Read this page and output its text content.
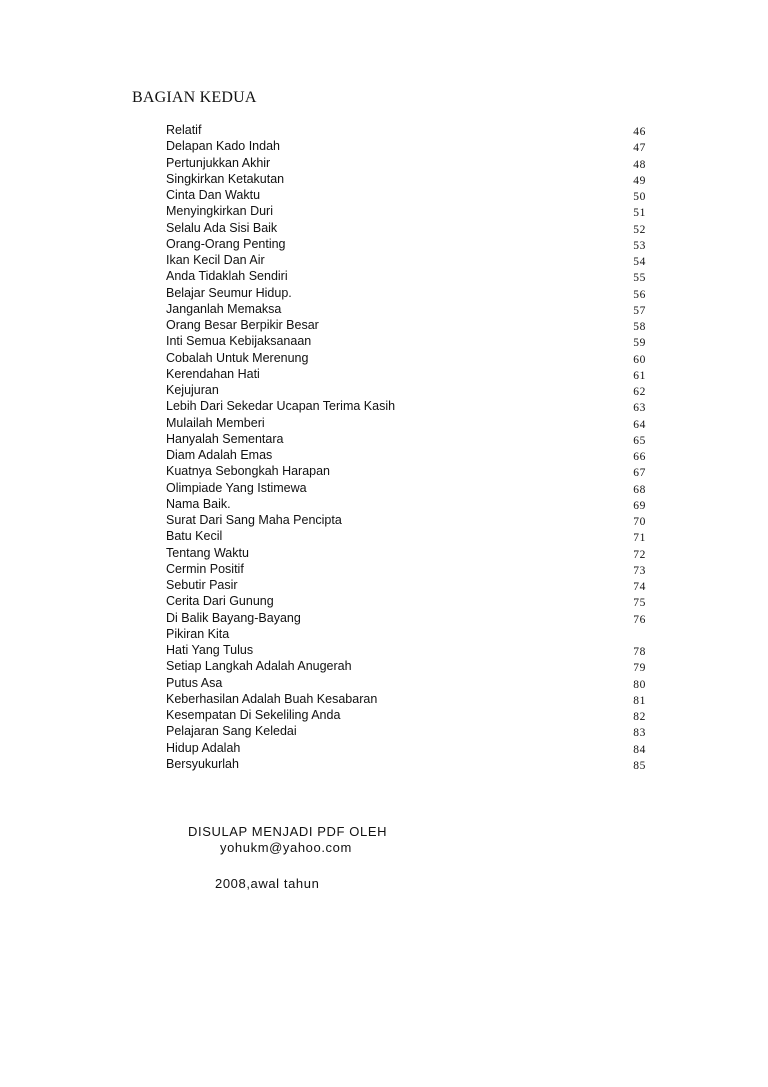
BAGIAN KEDUA
Relatif	46
Delapan Kado Indah	47
Pertunjukkan Akhir	48
Singkirkan Ketakutan	49
Cinta Dan Waktu	50
Menyingkirkan Duri	51
Selalu Ada Sisi Baik	52
Orang-Orang Penting	53
Ikan Kecil Dan Air	54
Anda Tidaklah Sendiri	55
Belajar Seumur Hidup.	56
Janganlah Memaksa	57
Orang Besar Berpikir Besar	58
Inti Semua Kebijaksanaan	59
Cobalah Untuk Merenung	60
Kerendahan Hati	61
Kejujuran	62
Lebih Dari Sekedar Ucapan Terima Kasih	63
Mulailah Memberi	64
Hanyalah Sementara	65
Diam Adalah Emas	66
Kuatnya Sebongkah Harapan	67
Olimpiade Yang Istimewa	68
Nama Baik.	69
Surat Dari Sang Maha Pencipta	70
Batu Kecil	71
Tentang Waktu	72
Cermin Positif	73
Sebutir Pasir	74
Cerita Dari Gunung	75
Di Balik Bayang-Bayang	76
Pikiran Kita
Hati Yang Tulus	78
Setiap Langkah Adalah Anugerah	79
Putus Asa	80
Keberhasilan Adalah Buah Kesabaran	81
Kesempatan Di Sekeliling Anda	82
Pelajaran Sang Keledai	83
Hidup Adalah	84
Bersyukurlah	85
DISULAP MENJADI PDF OLEH
yohukm@yahoo.com
2008,awal tahun
